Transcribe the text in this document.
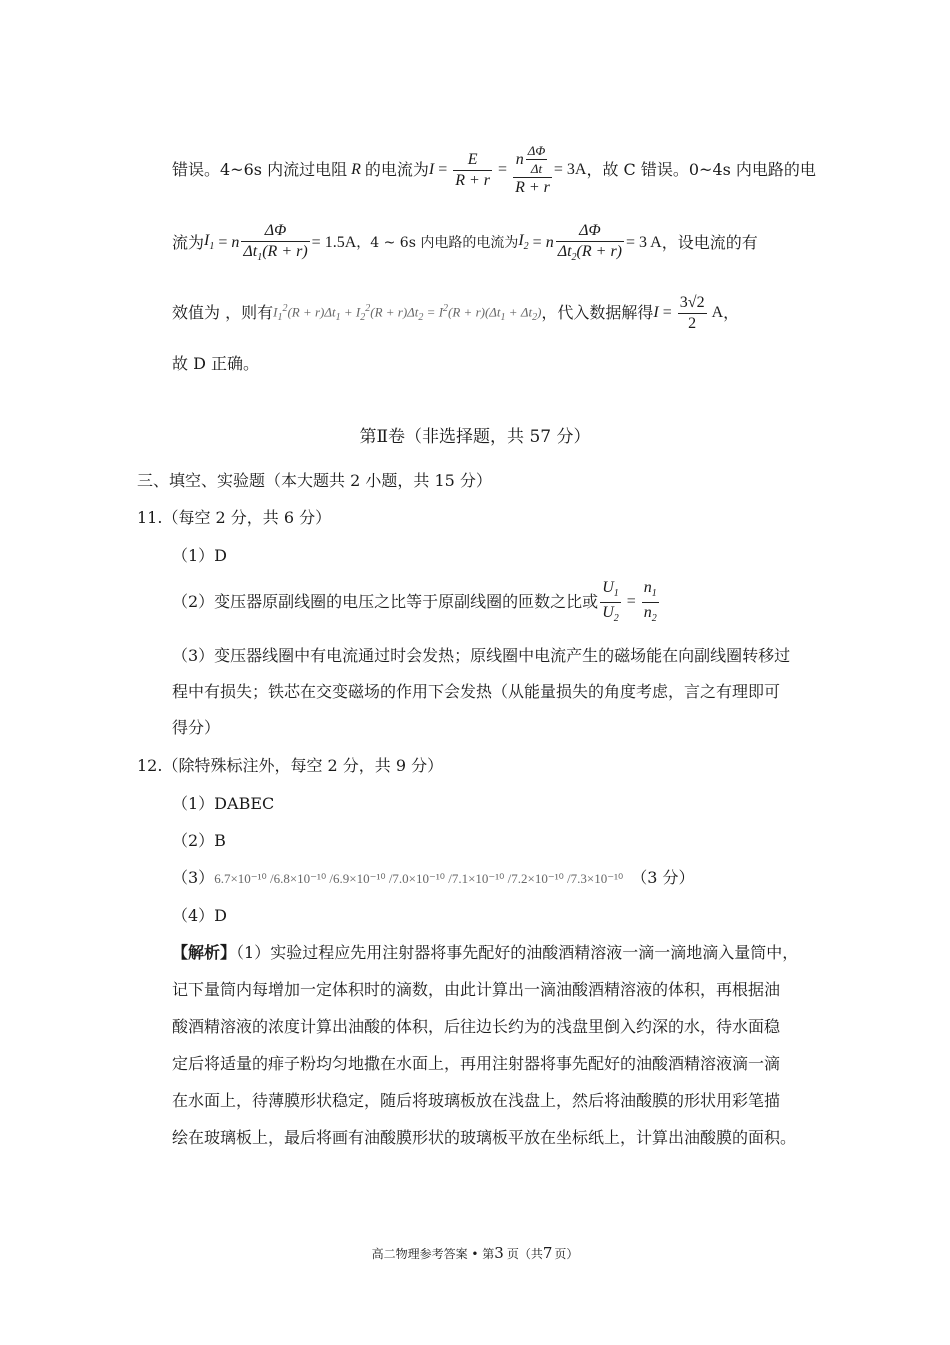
错误。4~6s 内流过电阻 R 的电流为 $I = \frac{E}{R + r} = \frac{n \frac{\Delta\Phi}{\Delta t}}{R + r} = 3A$ ，故 C 错误。0~4s 内电路的电
流为 $I_1 = n \frac{\Delta\Phi}{\Delta t_1(R + r)} = 1.5A$ ，4 ~ 6s 内电路的电流为 $I_2 = n \frac{\Delta\Phi}{\Delta t_2(R + r)} = 3$ A ，设电流的有
效值为 ，则有 $I_1^2(R + r)\Delta t_1 + I_2^2(R + r)\Delta t_2 = I^2(R + r)(\Delta t_1 + \Delta t_2)$ ，代入数据解得 $I = \frac{3√2}{2}$ A ，
故 D 正确。
第Ⅱ卷（非选择题，共 57 分）
三、填空、实验题（本大题共 2 小题，共 15 分）
11.（每空 2 分，共 6 分）
（1）D
（2）变压器原副线圈的电压之比等于原副线圈的匝数之比或 $\frac{U_1}{U_2} = \frac{n_1}{n_2}$
（3）变压器线圈中有电流通过时会发热；原线圈中电流产生的磁场能在向副线圈转移过
程中有损失；铁芯在交变磁场的作用下会发热（从能量损失的角度考虑，言之有理即可
得分）
12.（除特殊标注外，每空 2 分，共 9 分）
（1）DABEC
（2）B
（3） 6.7×10⁻¹⁰ /6.8×10⁻¹⁰ /6.9×10⁻¹⁰ /7.0×10⁻¹⁰ /7.1×10⁻¹⁰ /7.2×10⁻¹⁰ /7.3×10⁻¹⁰ （3 分）
（4）D
【解析】（1）实验过程应先用注射器将事先配好的油酸酒精溶液一滴一滴地滴入量筒中，
记下量筒内每增加一定体积时的滴数，由此计算出一滴油酸酒精溶液的体积，再根据油
酸酒精溶液的浓度计算出油酸的体积，后往边长约为的浅盘里倒入约深的水，待水面稳
定后将适量的痱子粉均匀地撒在水面上，再用注射器将事先配好的油酸酒精溶液滴一滴
在水面上，待薄膜形状稳定，随后将玻璃板放在浅盘上，然后将油酸膜的形状用彩笔描
绘在玻璃板上，最后将画有油酸膜形状的玻璃板平放在坐标纸上，计算出油酸膜的面积。
高二物理参考答案 • 第3 页（共7 页）
